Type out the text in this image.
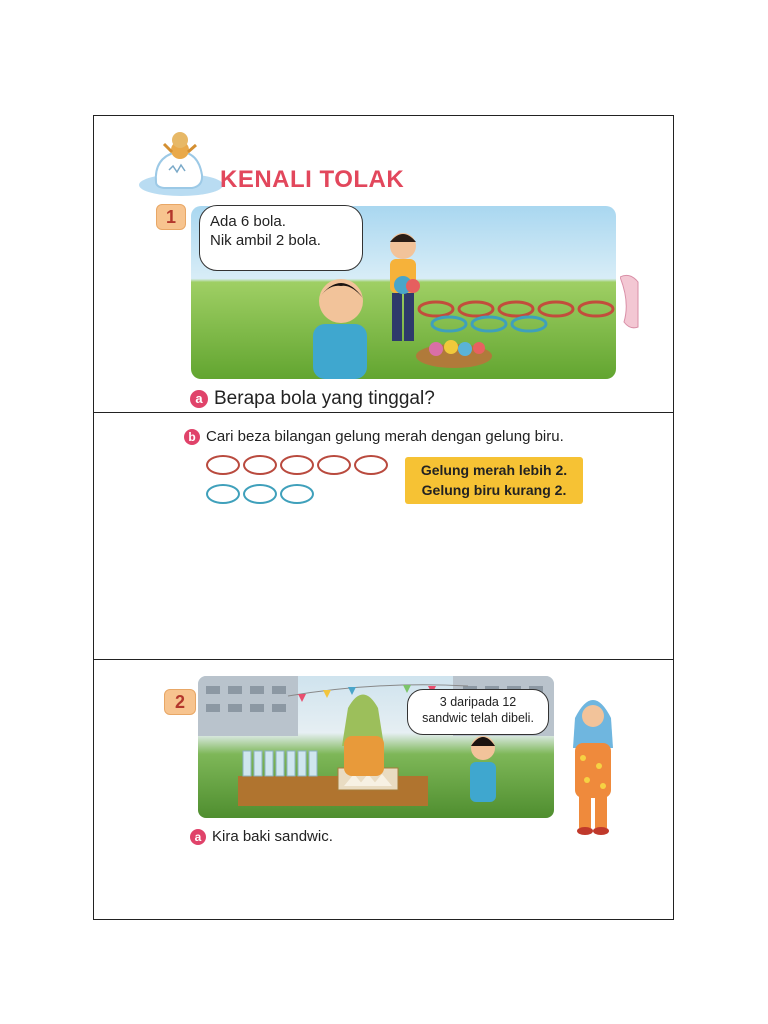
KENALI TOLAK
1	Ada 6 bola.
Nik ambil 2 bola.
a Berapa bola yang tinggal?
b Cari beza bilangan gelung merah dengan gelung biru.
Gelung merah lebih 2.
Gelung biru kurang 2.
2	3 daripada 12
sandwic telah dibeli.
a Kira baki sandwic.
